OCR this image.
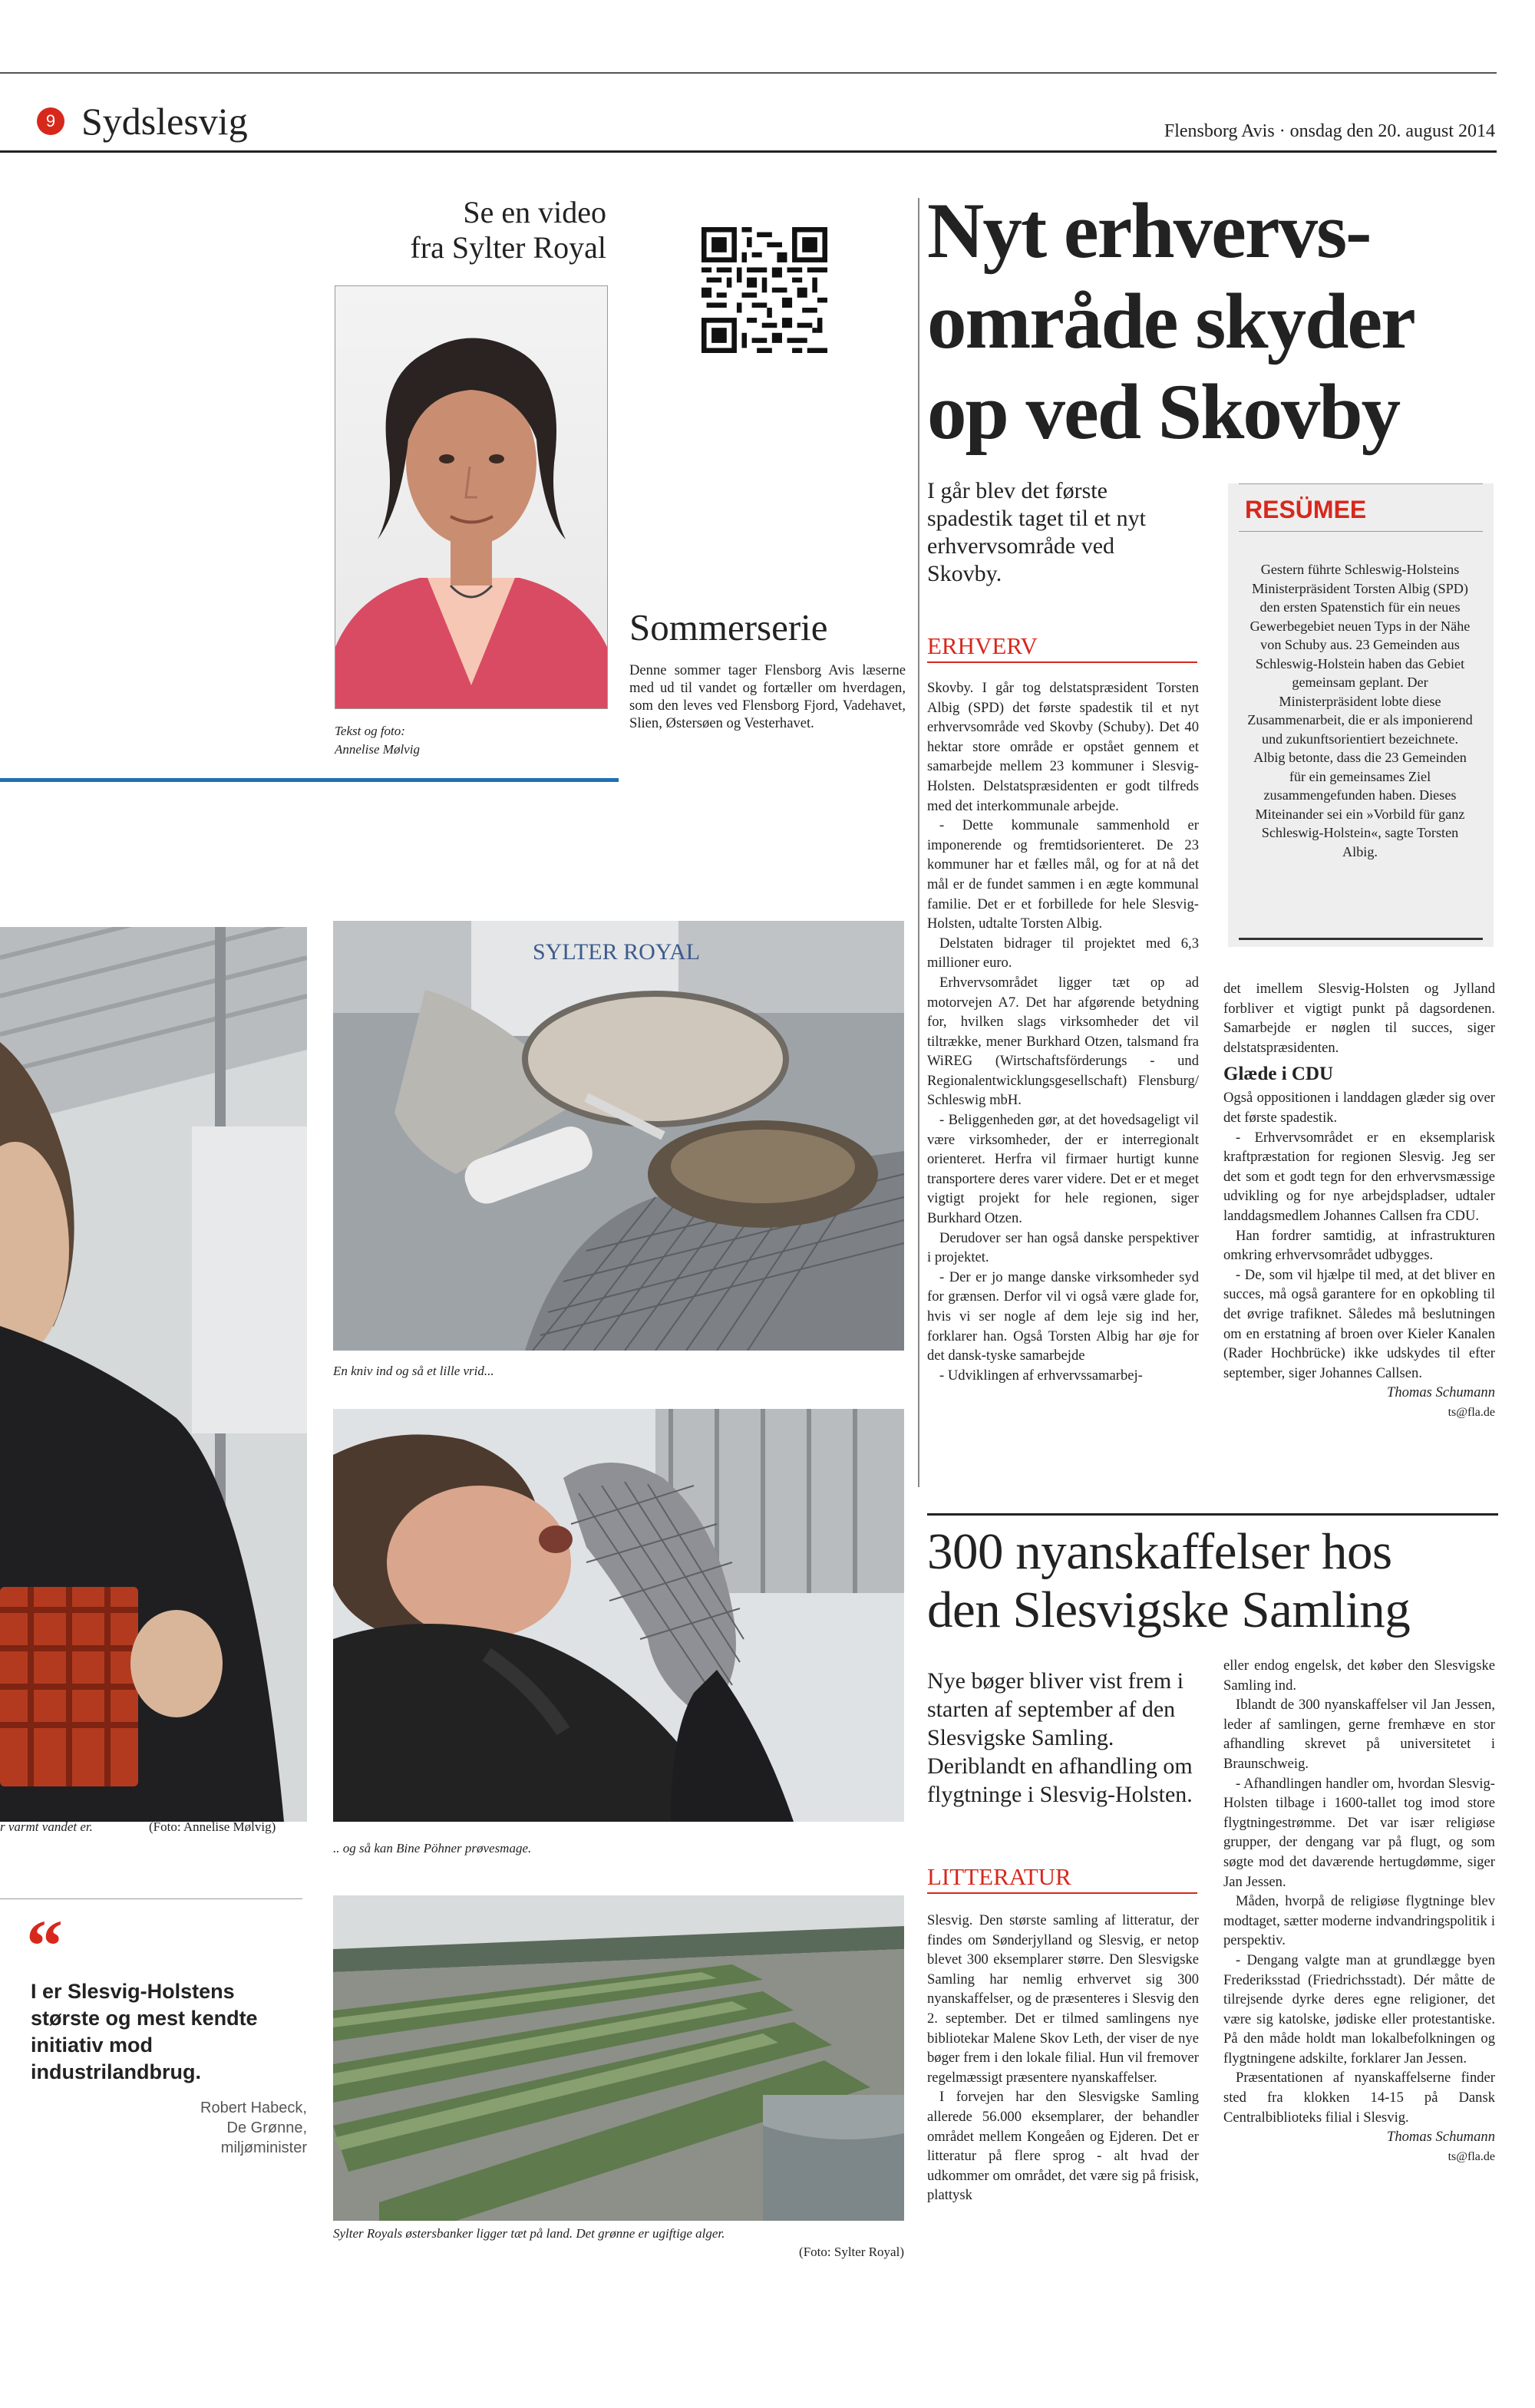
9 Sydslesvig	Flensborg Avis · onsdag den 20. august 2014
Se en video
fra Sylter Royal
Tekst og foto:
Annelise Mølvig
Sommerserie
Denne sommer tager Flensborg Avis læserne med ud til vandet og fortæller om hverdagen, som den leves ved Flensborg Fjord, Vadehavet, Slien, Østersøen og Vesterhavet.
r varmt vandet er.	(Foto: Annelise Mølvig)
“
I er Slesvig-Holstens største og mest kendte initiativ mod industrilandbrug.
Robert Habeck,
De Grønne,
miljøminister
SYLTER ROYAL
En kniv ind og så et lille vrid...
.. og så kan Bine Pöhner prøvesmage.
Sylter Royals østersbanker ligger tæt på land. Det grønne er ugiftige alger.
(Foto: Sylter Royal)
Nyt erhvervs-
område skyder
op ved Skovby
I går blev det første spadestik taget til et nyt erhvervsområde ved Skovby.
ERHVERV

Skovby. I går tog delstatspræsident Torsten Albig (SPD) det første spadestik til et nyt erhvervsområde ved Skovby (Schuby). Det 40 hektar store område er opstået gennem et samarbejde mellem 23 kommuner i Slesvig-Holsten. Delstatspræsidenten er godt tilfreds med det interkommunale arbejde.

- Dette kommunale sammenhold er imponerende og fremtidsorienteret. De 23 kommuner har et fælles mål, og for at nå det mål er de fundet sammen i en ægte kommunal familie. Det er et forbillede for hele Slesvig-Holsten, udtalte Torsten Albig.

Delstaten bidrager til projektet med 6,3 millioner euro.

Erhvervsområdet ligger tæt op ad motorvejen A7. Det har afgørende betydning for, hvilken slags virksomheder det vil tiltrække, mener Burkhard Otzen, talsmand fra WiREG (Wirtschaftsförderungs - und Regionalentwicklungsgesellschaft) Flensburg/ Schleswig mbH.

- Beliggenheden gør, at det hovedsageligt vil være virksomheder, der er interregionalt orienteret. Herfra vil firmaer hurtigt kunne transportere deres varer videre. Det er et meget vigtigt projekt for hele regionen, siger Burkhard Otzen.

Derudover ser han også danske perspektiver i projektet.

- Der er jo mange danske virksomheder syd for grænsen. Derfor vil vi også være glade for, hvis vi ser nogle af dem leje sig ind her, forklarer han. Også Torsten Albig har øje for det dansk-tyske samarbejde

- Udviklingen af erhvervssamarbej-

RESÜMEE
Gestern führte Schleswig-Holsteins Ministerpräsident Torsten Albig (SPD) den ersten Spatenstich für ein neues Gewerbegebiet neuen Typs in der Nähe von Schuby aus. 23 Gemeinden aus Schleswig-Holstein haben das Gebiet gemeinsam geplant. Der Ministerpräsident lobte diese Zusammenarbeit, die er als imponierend und zukunftsorientiert bezeichnete. Albig betonte, dass die 23 Gemeinden für ein gemeinsames Ziel zusammengefunden haben. Dieses Miteinander sei ein »Vorbild für ganz Schleswig-Holstein«, sagte Torsten Albig.

det imellem Slesvig-Holsten og Jylland forbliver et vigtigt punkt på dagsordenen. Samarbejde er nøglen til succes, siger delstatspræsidenten.

Glæde i CDU

Også oppositionen i landdagen glæder sig over det første spadestik.

- Erhvervsområdet er en eksemplarisk kraftpræstation for regionen Slesvig. Jeg ser det som et godt tegn for den erhvervsmæssige udvikling og for nye arbejdspladser, udtaler landdagsmedlem Johannes Callsen fra CDU.

Han fordrer samtidig, at infrastrukturen omkring erhvervsområdet udbygges.

- De, som vil hjælpe til med, at det bliver en succes, må også garantere for en opkobling til det øvrige trafiknet. Således må beslutningen om en erstatning af broen over Kieler Kanalen (Rader Hochbrücke) ikke udskydes til efter september, siger Johannes Callsen.

Thomas Schumann

ts@fla.de

300 nyanskaffelser hos
den Slesvigske Samling
Nye bøger bliver vist frem i starten af september af den Slesvigske Samling. Deriblandt en afhandling om flygtninge i Slesvig-Holsten.
LITTERATUR

Slesvig. Den største samling af litteratur, der findes om Sønderjylland og Slesvig, er netop blevet 300 eksemplarer større. Den Slesvigske Samling har nemlig erhvervet sig 300 nyanskaffelser, og de præsenteres i Slesvig den 2. september. Det er tilmed samlingens nye bibliotekar Malene Skov Leth, der viser de nye bøger frem i den lokale filial. Hun vil fremover regelmæssigt præsentere nyanskaffelser.

I forvejen har den Slesvigske Samling allerede 56.000 eksemplarer, der behandler området mellem Kongeåen og Ejderen. Det er litteratur på flere sprog - alt hvad der udkommer om området, det være sig på frisisk, plattysk

eller endog engelsk, det køber den Slesvigske Samling ind.

Iblandt de 300 nyanskaffelser vil Jan Jessen, leder af samlingen, gerne fremhæve en stor afhandling skrevet på universitetet i Braunschweig.

- Afhandlingen handler om, hvordan Slesvig-Holsten tilbage i 1600-tallet tog imod store flygtningestrømme. Det var især religiøse grupper, der dengang var på flugt, og som søgte mod det daværende hertugdømme, siger Jan Jessen.

Måden, hvorpå de religiøse flygtninge blev modtaget, sætter moderne indvandringspolitik i perspektiv.

- Dengang valgte man at grundlægge byen Frederiksstad (Friedrichsstadt). Dér måtte de tilrejsende dyrke deres egne religioner, det være sig katolske, jødiske eller protestantiske. På den måde holdt man lokalbefolkningen og flygtningene adskilte, forklarer Jan Jessen.

Præsentationen af nyanskaffelserne finder sted fra klokken 14-15 på Dansk Centralbiblioteks filial i Slesvig.

Thomas Schumann

ts@fla.de
